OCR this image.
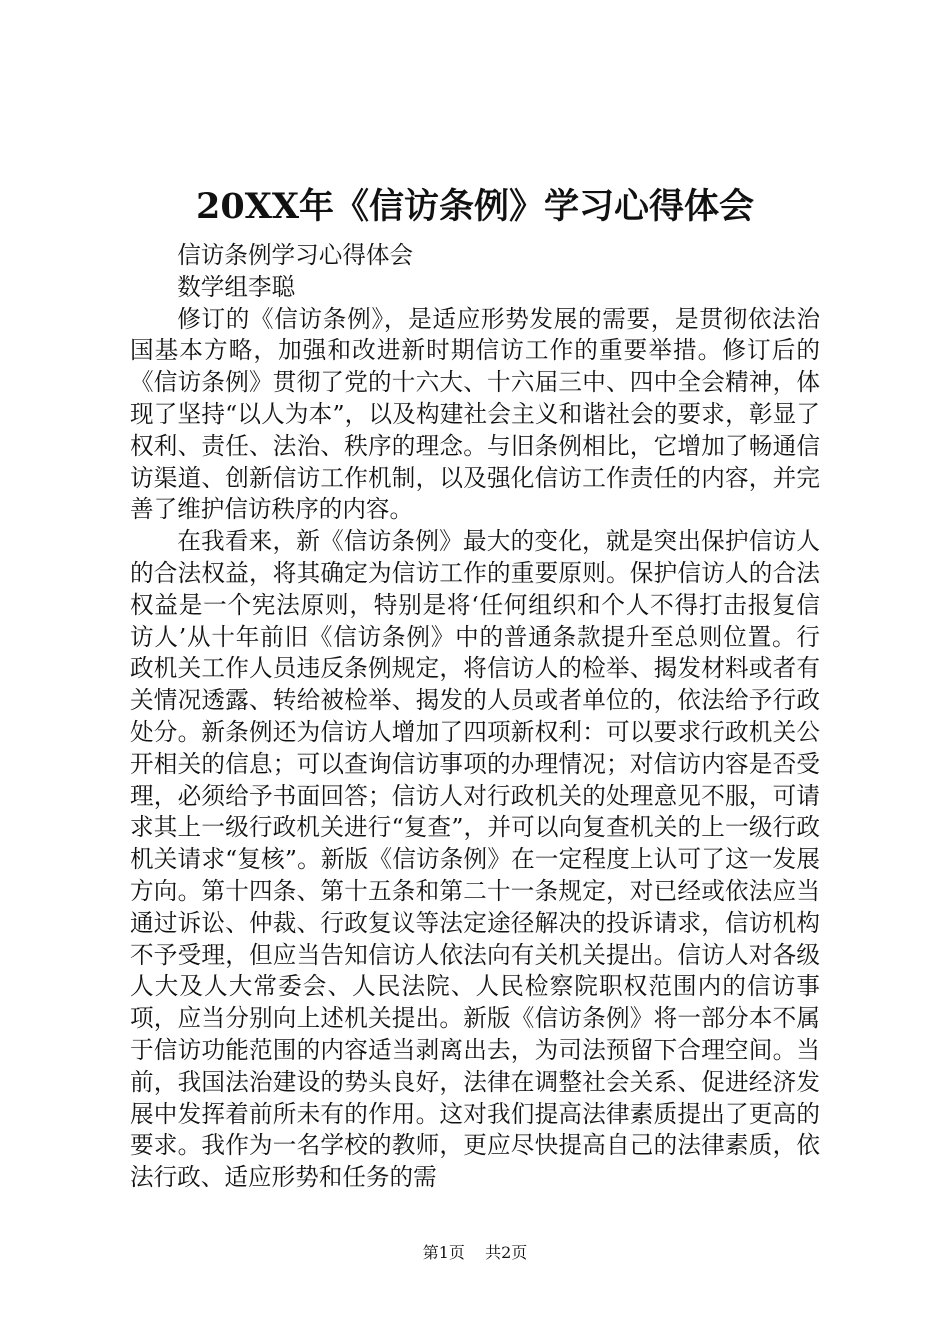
20XX年《信访条例》学习心得体会

信访条例学习心得体会

数学组李聪

修订的《信访条例》，是适应形势发展的需要，是贯彻依法治国基本方略，加强和改进新时期信访工作的重要举措。修订后的《信访条例》贯彻了党的十六大、十六届三中、四中全会精神，体现了坚持“以人为本”，以及构建社会主义和谐社会的要求，彰显了权利、责任、法治、秩序的理念。与旧条例相比，它增加了畅通信访渠道、创新信访工作机制，以及强化信访工作责任的内容，并完善了维护信访秩序的内容。

在我看来，新《信访条例》最大的变化，就是突出保护信访人的合法权益，将其确定为信访工作的重要原则。保护信访人的合法权益是一个宪法原则，特别是将‘任何组织和个人不得打击报复信访人’从十年前旧《信访条例》中的普通条款提升至总则位置。行政机关工作人员违反条例规定，将信访人的检举、揭发材料或者有关情况透露、转给被检举、揭发的人员或者单位的，依法给予行政处分。新条例还为信访人增加了四项新权利：可以要求行政机关公开相关的信息；可以查询信访事项的办理情况；对信访内容是否受理，必须给予书面回答；信访人对行政机关的处理意见不服，可请求其上一级行政机关进行“复查”，并可以向复查机关的上一级行政机关请求“复核”。新版《信访条例》在一定程度上认可了这一发展方向。第十四条、第十五条和第二十一条规定，对已经或依法应当通过诉讼、仲裁、行政复议等法定途径解决的投诉请求，信访机构不予受理，但应当告知信访人依法向有关机关提出。信访人对各级人大及人大常委会、人民法院、人民检察院职权范围内的信访事项，应当分别向上述机关提出。新版《信访条例》将一部分本不属于信访功能范围的内容适当剥离出去，为司法预留下合理空间。当前，我国法治建设的势头良好，法律在调整社会关系、促进经济发展中发挥着前所未有的作用。这对我们提高法律素质提出了更高的要求。我作为一名学校的教师，更应尽快提高自己的法律素质，依法行政、适应形势和任务的需

第1页 共2页
